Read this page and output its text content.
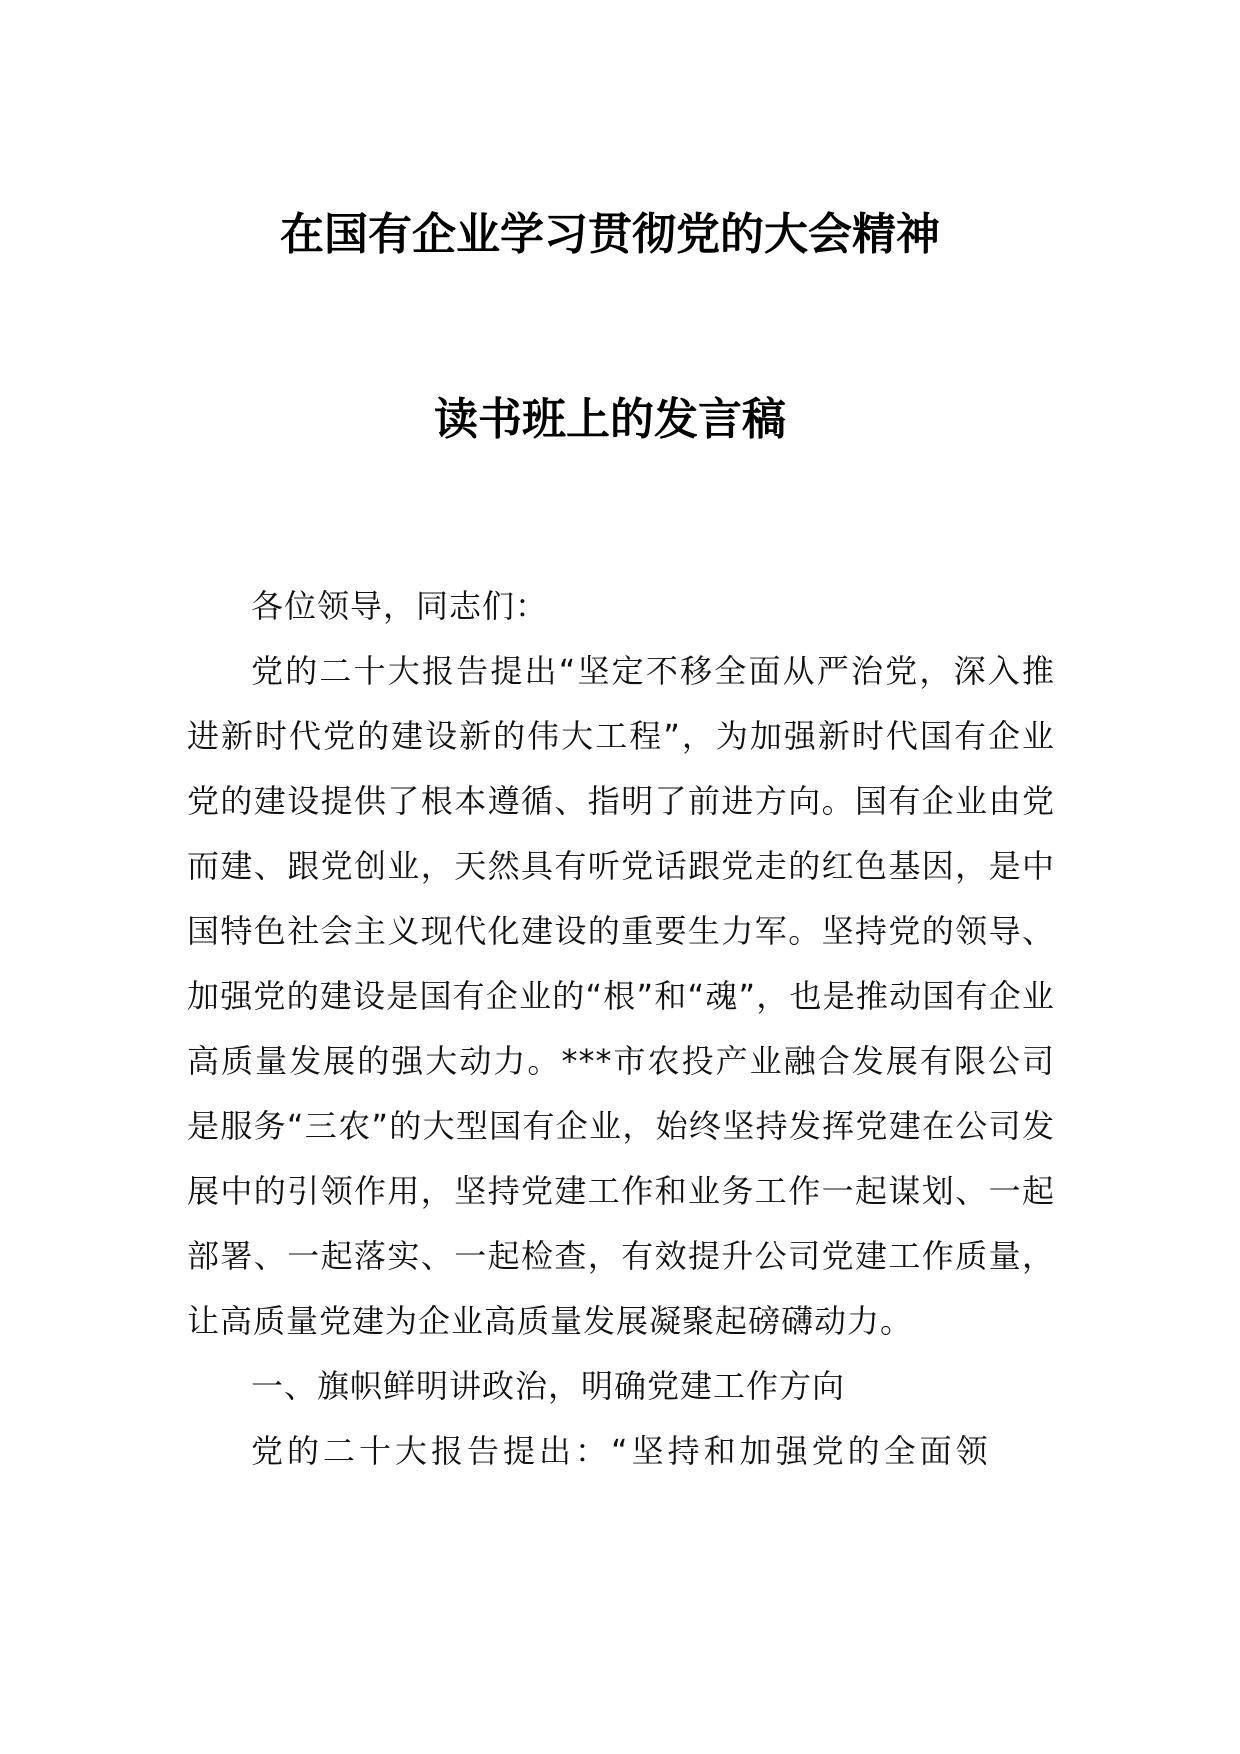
在国有企业学习贯彻党的大会精神
读书班上的发言稿

各位领导，同志们：

党的二十大报告提出“坚定不移全面从严治党，深入推进新时代党的建设新的伟大工程”，为加强新时代国有企业党的建设提供了根本遵循、指明了前进方向。国有企业由党而建、跟党创业，天然具有听党话跟党走的红色基因，是中国特色社会主义现代化建设的重要生力军。坚持党的领导、加强党的建设是国有企业的“根”和“魂”，也是推动国有企业高质量发展的强大动力。***市农投产业融合发展有限公司是服务“三农”的大型国有企业，始终坚持发挥党建在公司发展中的引领作用，坚持党建工作和业务工作一起谋划、一起部署、一起落实、一起检查，有效提升公司党建工作质量，让高质量党建为企业高质量发展凝聚起磅礴动力。

一、旗帜鲜明讲政治，明确党建工作方向

党的二十大报告提出：“坚持和加强党的全面领
